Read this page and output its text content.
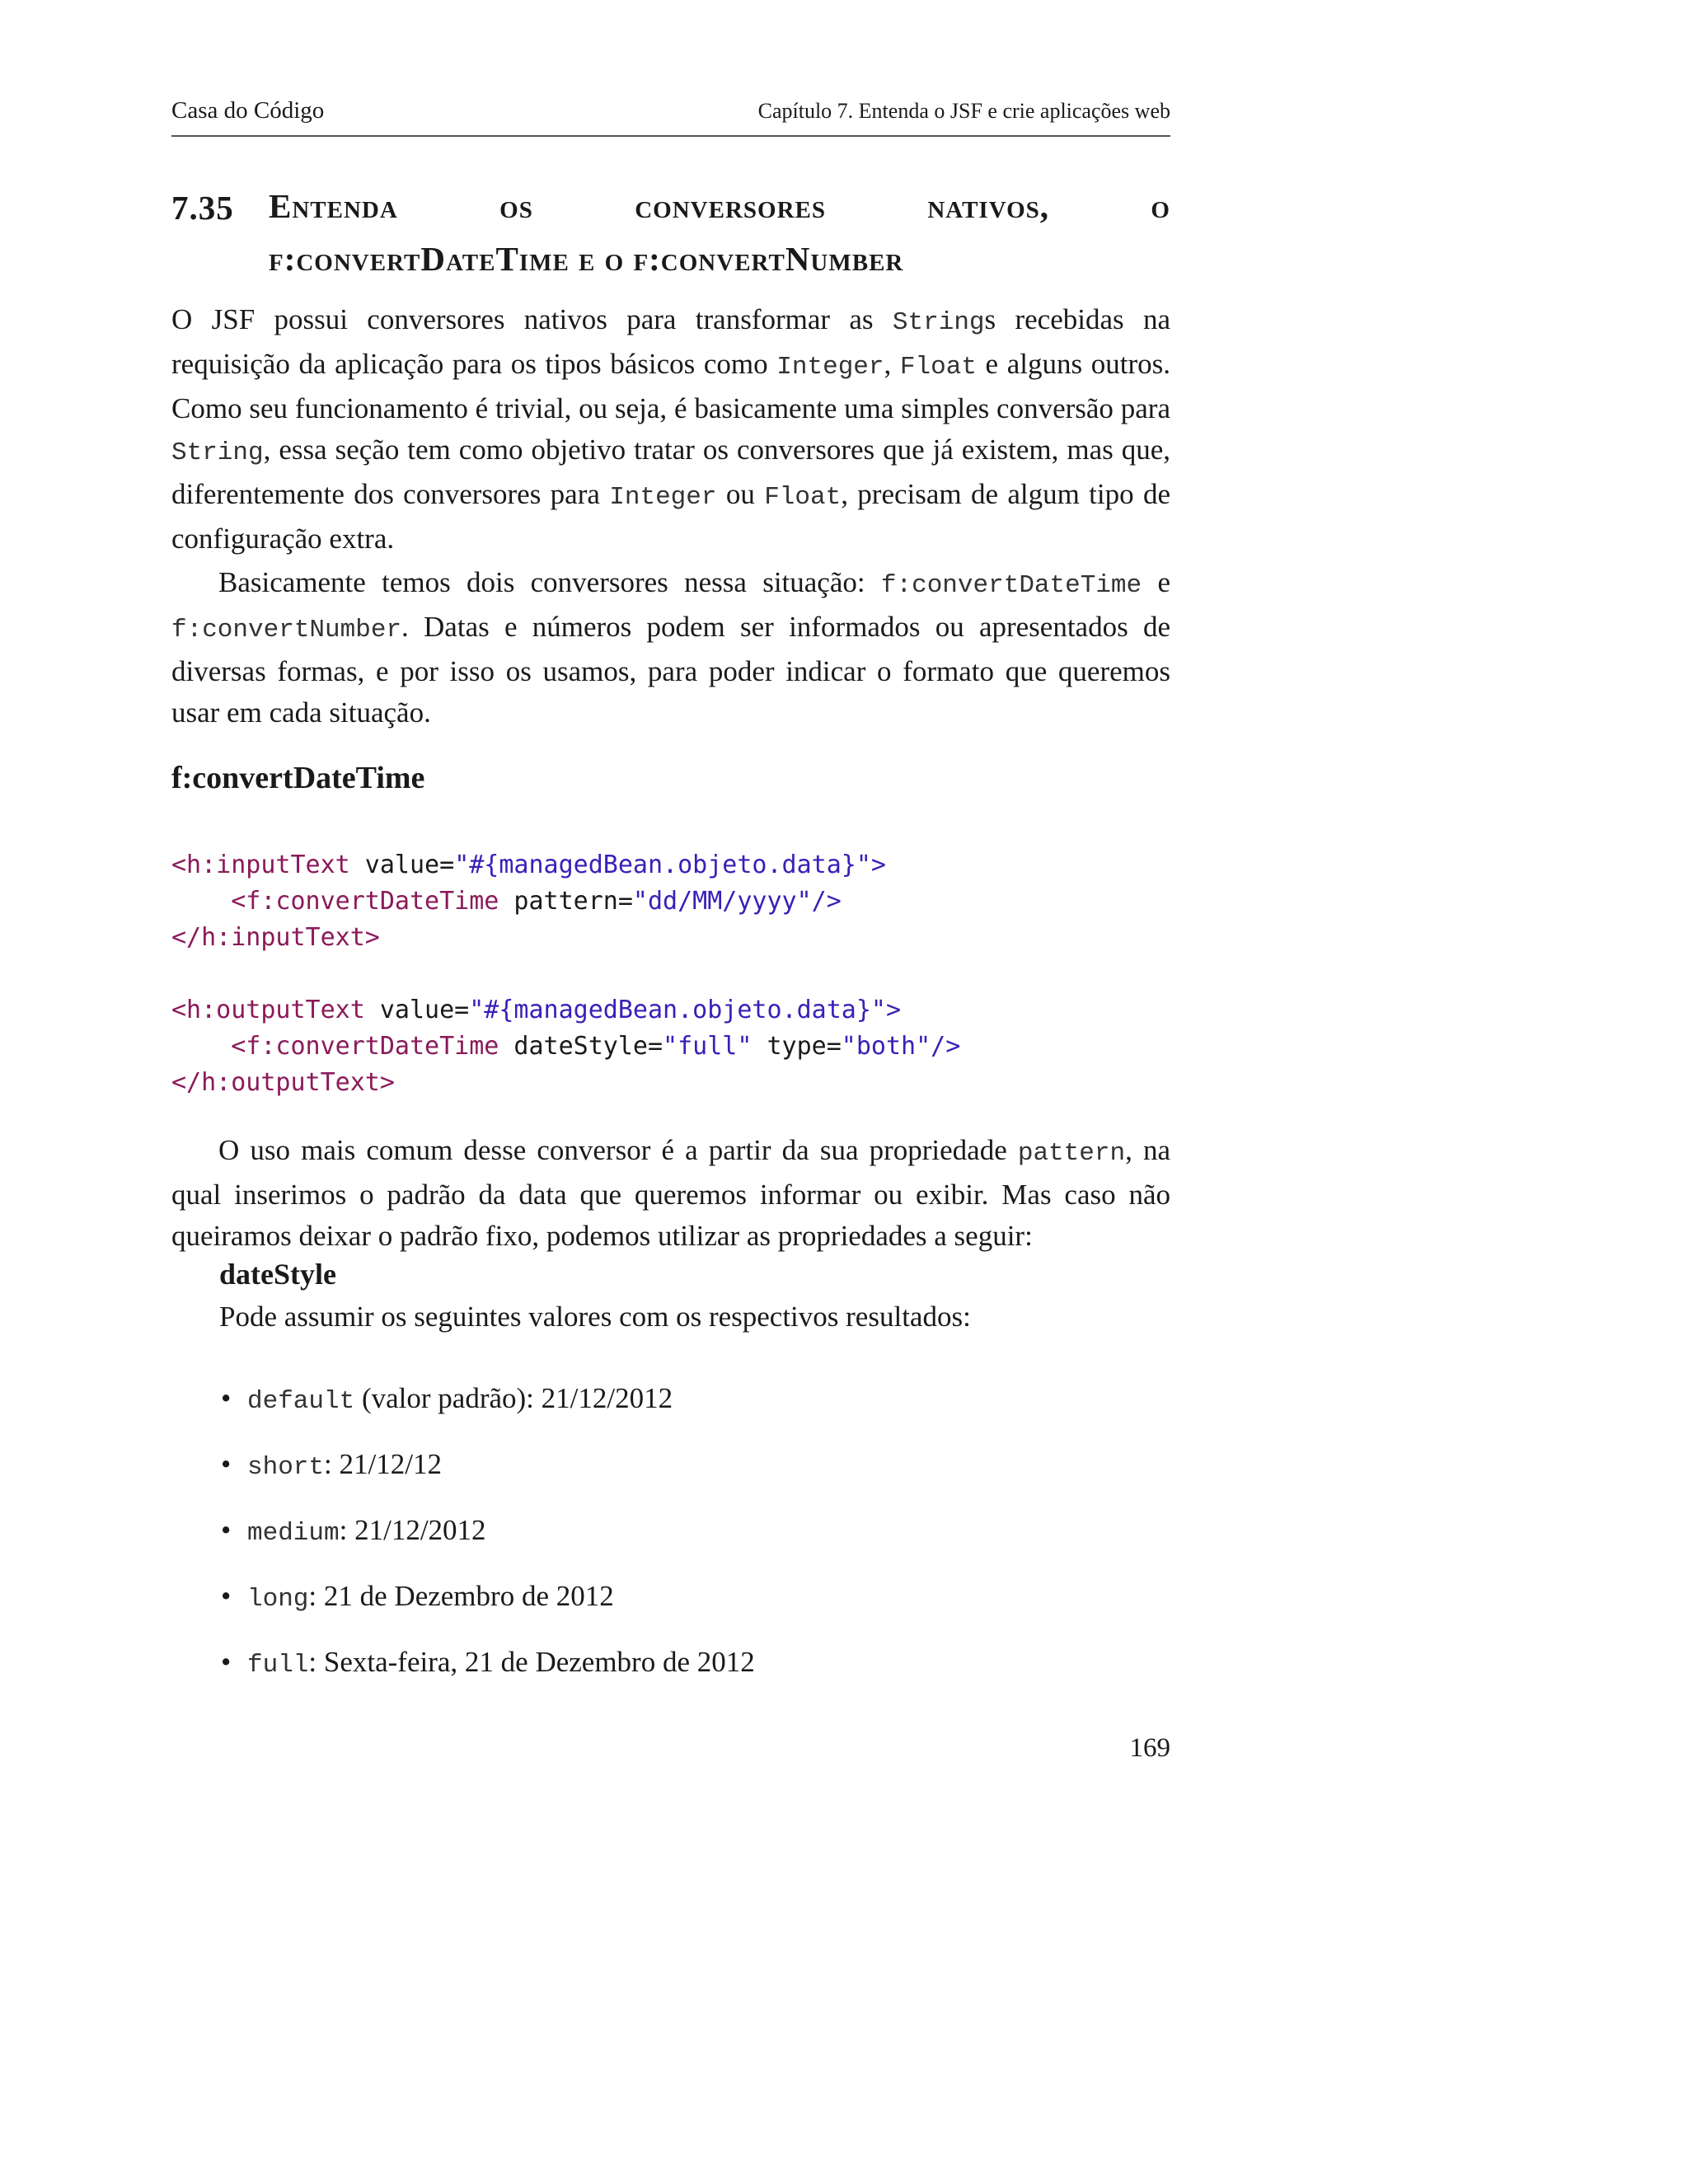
Casa do Código	Capítulo 7. Entenda o JSF e crie aplicações web
7.35 Entenda	os	conversores	nativos,	o
f:convertDateTime e o f:convertNumber

O JSF possui conversores nativos para transformar as Strings recebidas na requisição da aplicação para os tipos básicos como Integer, Float e alguns outros. Como seu funcionamento é trivial, ou seja, é basicamente uma simples conversão para String, essa seção tem como objetivo tratar os conversores que já existem, mas que, diferentemente dos conversores para Integer ou Float, precisam de algum tipo de configuração extra.

Basicamente temos dois conversores nessa situação: f:convertDateTime e f:convertNumber. Datas e números podem ser informados ou apresentados de diversas formas, e por isso os usamos, para poder indicar o formato que queremos usar em cada situação.

f:convertDateTime
<h:inputText value="#{managedBean.objeto.data}">
<f:convertDateTime pattern="dd/MM/yyyy"/>
</h:inputText>

<h:outputText value="#{managedBean.objeto.data}">
<f:convertDateTime dateStyle="full" type="both"/>
</h:outputText>

O uso mais comum desse conversor é a partir da sua propriedade pattern, na qual inserimos o padrão da data que queremos informar ou exibir. Mas caso não queiramos deixar o padrão fixo, podemos utilizar as propriedades a seguir:

dateStyle
Pode assumir os seguintes valores com os respectivos resultados:
• default (valor padrão): 21/12/2012
• short: 21/12/12
• medium: 21/12/2012
• long: 21 de Dezembro de 2012
• full: Sexta-feira, 21 de Dezembro de 2012
169
